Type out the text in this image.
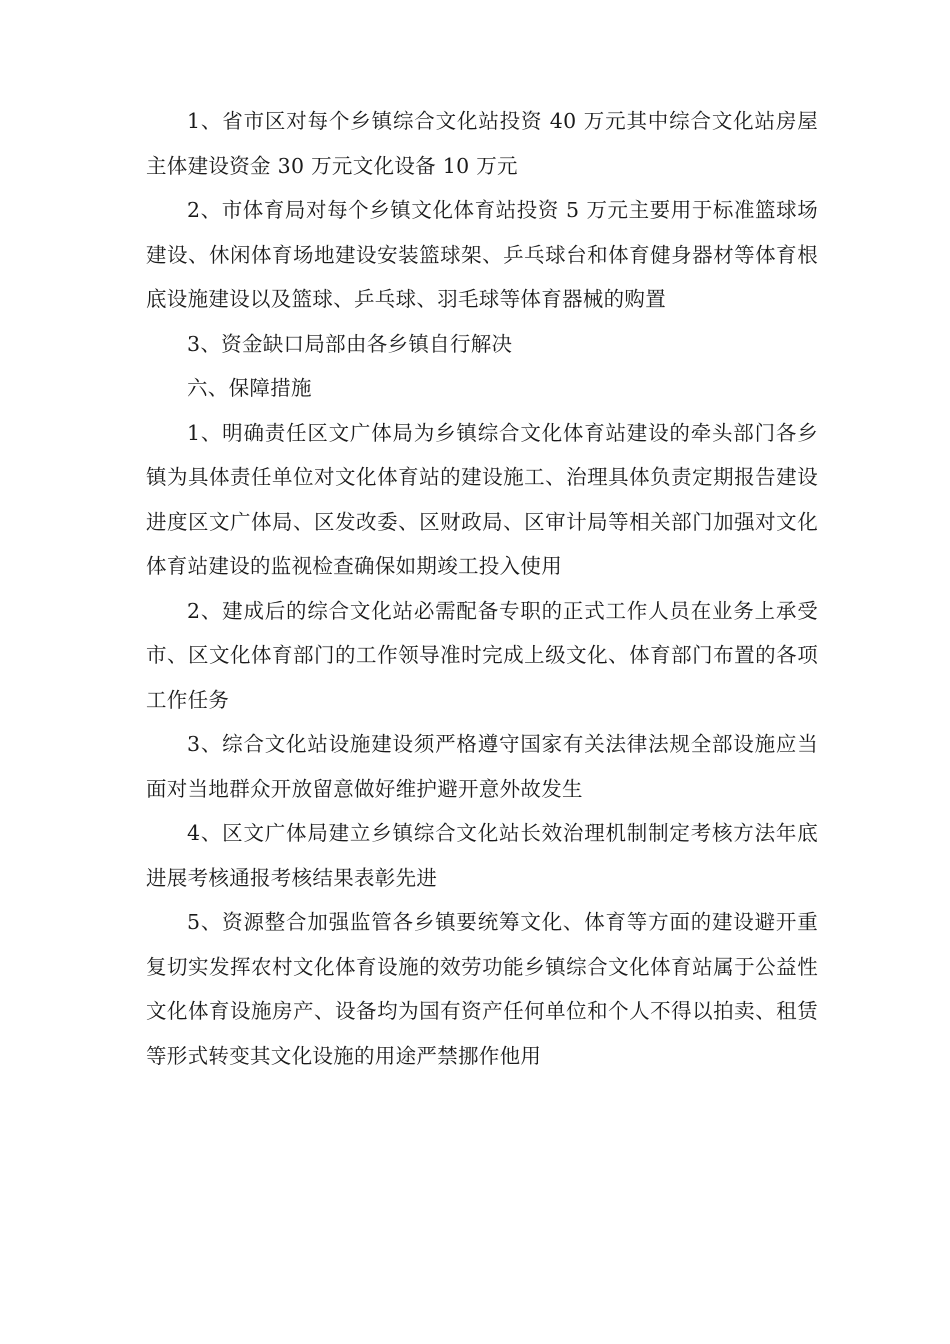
1、省市区对每个乡镇综合文化站投资 40 万元其中综合文化站房屋主体建设资金 30 万元文化设备 10 万元

2、市体育局对每个乡镇文化体育站投资 5 万元主要用于标准篮球场建设、休闲体育场地建设安装篮球架、乒乓球台和体育健身器材等体育根底设施建设以及篮球、乒乓球、羽毛球等体育器械的购置

3、资金缺口局部由各乡镇自行解决

六、保障措施

1、明确责任区文广体局为乡镇综合文化体育站建设的牵头部门各乡镇为具体责任单位对文化体育站的建设施工、治理具体负责定期报告建设进度区文广体局、区发改委、区财政局、区审计局等相关部门加强对文化体育站建设的监视检查确保如期竣工投入使用

2、建成后的综合文化站必需配备专职的正式工作人员在业务上承受市、区文化体育部门的工作领导准时完成上级文化、体育部门布置的各项工作任务

3、综合文化站设施建设须严格遵守国家有关法律法规全部设施应当面对当地群众开放留意做好维护避开意外故发生

4、区文广体局建立乡镇综合文化站长效治理机制制定考核方法年底进展考核通报考核结果表彰先进

5、资源整合加强监管各乡镇要统筹文化、体育等方面的建设避开重复切实发挥农村文化体育设施的效劳功能乡镇综合文化体育站属于公益性文化体育设施房产、设备均为国有资产任何单位和个人不得以拍卖、租赁等形式转变其文化设施的用途严禁挪作他用
